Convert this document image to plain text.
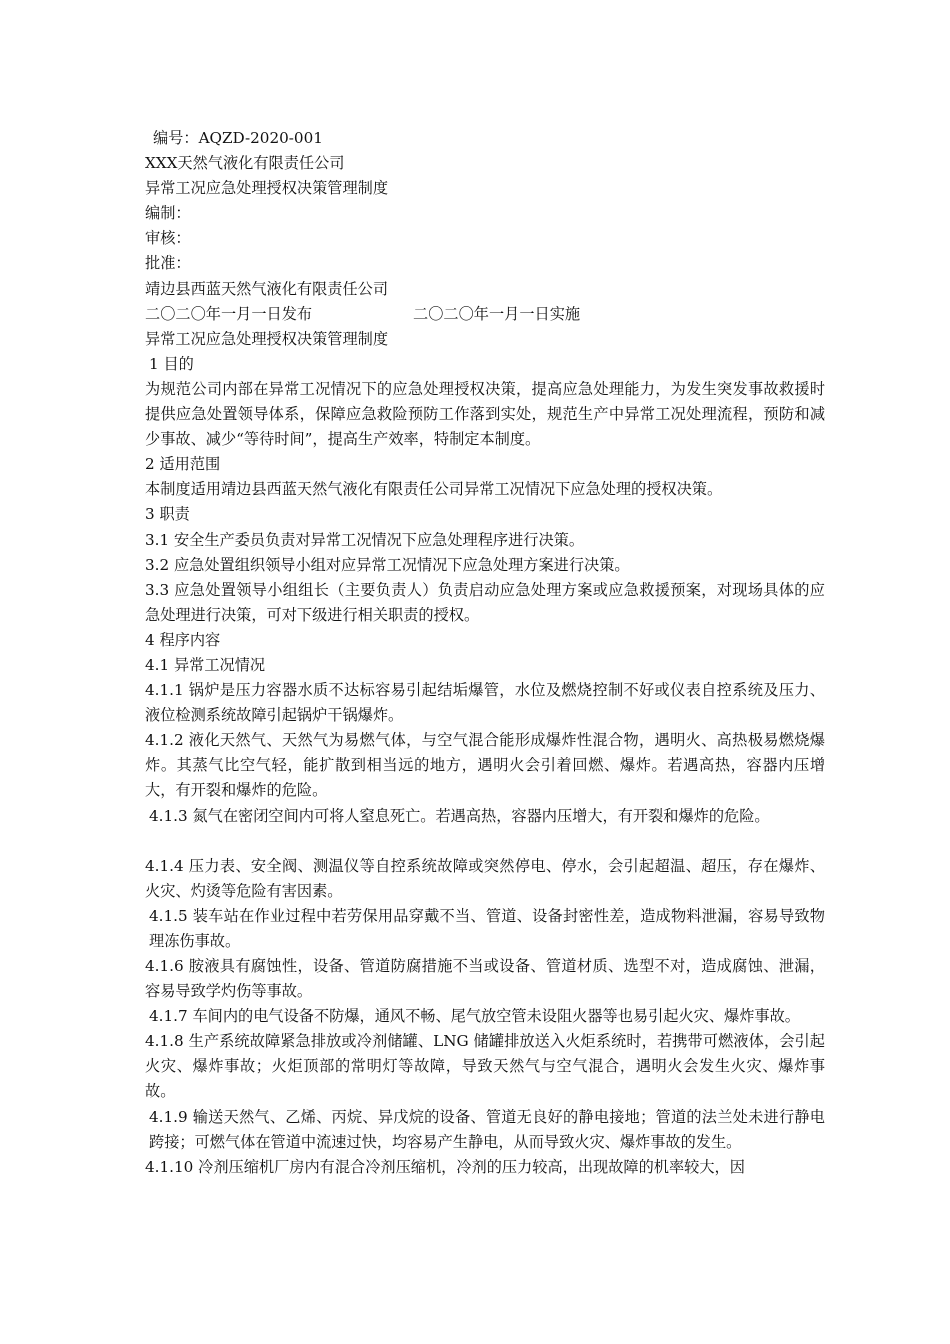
编号：AQZD-2020-001
XXX天然气液化有限责任公司
异常工况应急处理授权决策管理制度
编制：
审核：
批准：
靖边县西蓝天然气液化有限责任公司
二〇二〇年一月一日发布	二〇二〇年一月一日实施
异常工况应急处理授权决策管理制度
1 目的
为规范公司内部在异常工况情况下的应急处理授权决策，提高应急处理能力，为发生突发事故救援时提供应急处置领导体系，保障应急救险预防工作落到实处，规范生产中异常工况处理流程，预防和减少事故、减少“等待时间”，提高生产效率，特制定本制度。
2 适用范围
本制度适用靖边县西蓝天然气液化有限责任公司异常工况情况下应急处理的授权决策。
3 职责
3.1 安全生产委员负责对异常工况情况下应急处理程序进行决策。
3.2 应急处置组织领导小组对应异常工况情况下应急处理方案进行决策。
3.3 应急处置领导小组组长（主要负责人）负责启动应急处理方案或应急救援预案，对现场具体的应急处理进行决策，可对下级进行相关职责的授权。
4 程序内容
4.1 异常工况情况
4.1.1 锅炉是压力容器水质不达标容易引起结垢爆管，水位及燃烧控制不好或仪表自控系统及压力、液位检测系统故障引起锅炉干锅爆炸。
4.1.2 液化天然气、天然气为易燃气体，与空气混合能形成爆炸性混合物，遇明火、高热极易燃烧爆炸。其蒸气比空气轻，能扩散到相当远的地方，遇明火会引着回燃、爆炸。若遇高热，容器内压增大，有开裂和爆炸的危险。
4.1.3 氮气在密闭空间内可将人窒息死亡。若遇高热，容器内压增大，有开裂和爆炸的危险。
4.1.4 压力表、安全阀、测温仪等自控系统故障或突然停电、停水，会引起超温、超压，存在爆炸、火灾、灼烫等危险有害因素。
4.1.5 装车站在作业过程中若劳保用品穿戴不当、管道、设备封密性差，造成物料泄漏，容易导致物理冻伤事故。
4.1.6 胺液具有腐蚀性，设备、管道防腐措施不当或设备、管道材质、选型不对，造成腐蚀、泄漏，容易导致学灼伤等事故。
4.1.7 车间内的电气设备不防爆，通风不畅、尾气放空管未设阻火器等也易引起火灾、爆炸事故。
4.1.8 生产系统故障紧急排放或冷剂储罐、LNG 储罐排放送入火炬系统时，若携带可燃液体，会引起火灾、爆炸事故；火炬顶部的常明灯等故障，导致天然气与空气混合，遇明火会发生火灾、爆炸事故。
4.1.9 输送天然气、乙烯、丙烷、异戊烷的设备、管道无良好的静电接地；管道的法兰处未进行静电跨接；可燃气体在管道中流速过快，均容易产生静电，从而导致火灾、爆炸事故的发生。
4.1.10 冷剂压缩机厂房内有混合冷剂压缩机，冷剂的压力较高，出现故障的机率较大，因
